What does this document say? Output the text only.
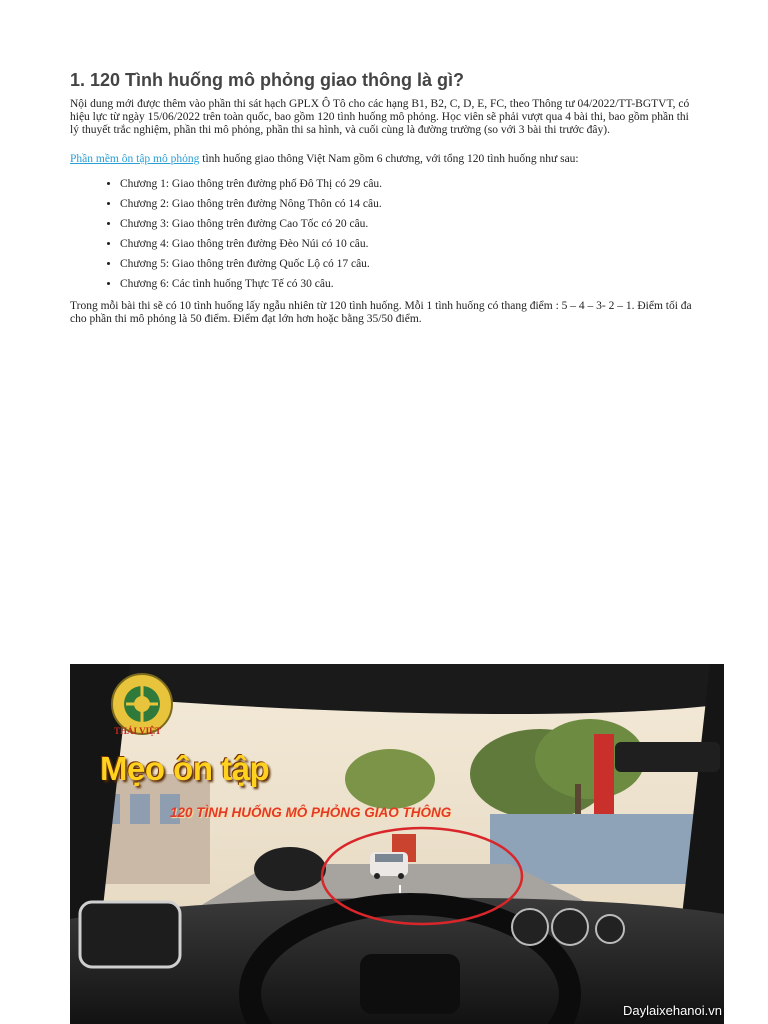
1. 120 Tình huống mô phỏng giao thông là gì?

Nội dung mới được thêm vào phần thi sát hạch GPLX Ô Tô cho các hạng B1, B2, C, D, E, FC, theo Thông tư 04/2022/TT-BGTVT, có hiệu lực từ ngày 15/06/2022 trên toàn quốc, bao gồm 120 tình huống mô phỏng. Học viên sẽ phải vượt qua 4 bài thi, bao gồm phần thi lý thuyết trắc nghiệm, phần thi mô phỏng, phần thi sa hình, và cuối cùng là đường trường (so với 3 bài thi trước đây).

Phần mềm ôn tập mô phỏng tình huống giao thông Việt Nam gồm 6 chương, với tổng 120 tình huống như sau:

• Chương 1: Giao thông trên đường phố Đô Thị có 29 câu.
• Chương 2: Giao thông trên đường Nông Thôn có 14 câu.
• Chương 3: Giao thông trên đường Cao Tốc có 20 câu.
• Chương 4: Giao thông trên đường Đèo Núi có 10 câu.
• Chương 5: Giao thông trên đường Quốc Lộ có 17 câu.
• Chương 6: Các tình huống Thực Tế có 30 câu.

Trong mỗi bài thi sẽ có 10 tình huống lấy ngẫu nhiên từ 120 tình huống. Mỗi 1 tình huống có thang điểm : 5 – 4 – 3- 2 – 1. Điểm tối đa cho phần thi mô phỏng là 50 điểm. Điểm đạt lớn hơn hoặc bằng 35/50 điểm.

THÁI VIỆT
Mẹo ôn tập
120 TÌNH HUỐNG MÔ PHỎNG GIAO THÔNG
Daylaixehanoi.vn
